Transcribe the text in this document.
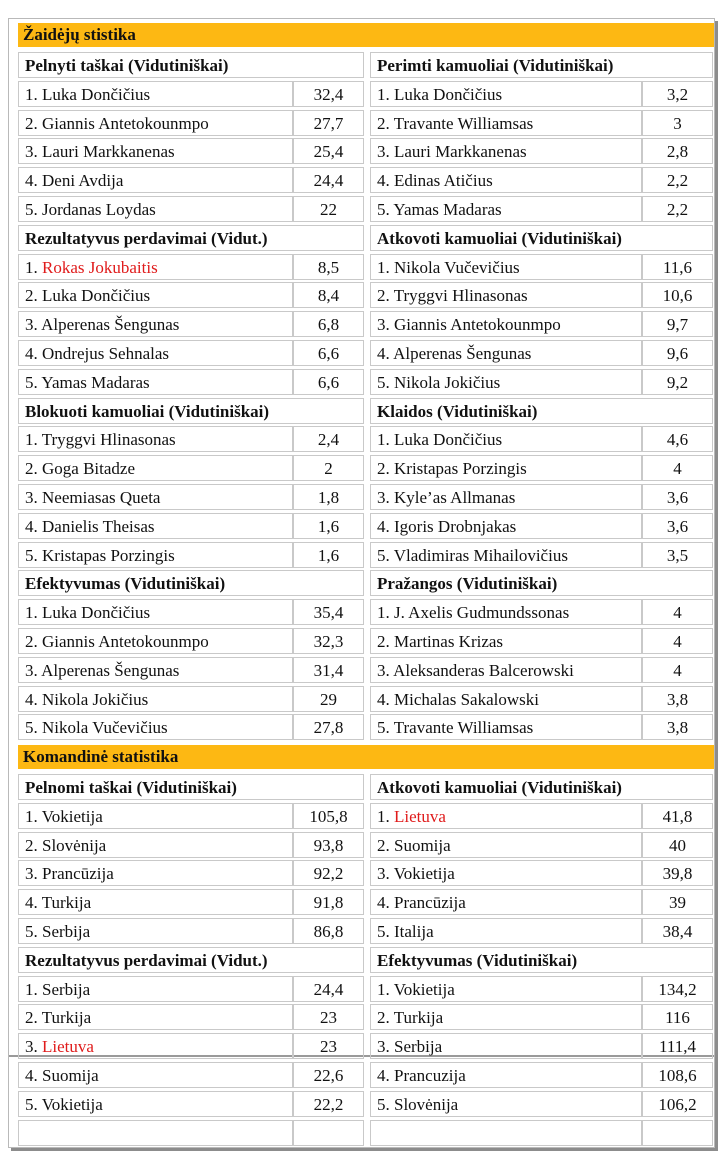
Žaidėjų stistika
Komandinė statistika
Pelnyti taškai (Vidutiniškai)
1. Luka Dončičius	32,4
2. Giannis Antetokounmpo	27,7
3. Lauri Markkanenas	25,4
4. Deni Avdija	24,4
5. Jordanas Loydas	22
Perimti kamuoliai (Vidutiniškai)
1. Luka Dončičius	3,2
2. Travante Williamsas	3
3. Lauri Markkanenas	2,8
4. Edinas Atičius	2,2
5. Yamas Madaras	2,2
Rezultatyvus perdavimai (Vidut.)
1. Rokas Jokubaitis	8,5
2. Luka Dončičius	8,4
3. Alperenas Šengunas	6,8
4. Ondrejus Sehnalas	6,6
5. Yamas Madaras	6,6
Atkovoti kamuoliai (Vidutiniškai)
1. Nikola Vučevičius	11,6
2. Tryggvi Hlinasonas	10,6
3. Giannis Antetokounmpo	9,7
4. Alperenas Šengunas	9,6
5. Nikola Jokičius	9,2
Blokuoti kamuoliai (Vidutiniškai)
1. Tryggvi Hlinasonas	2,4
2. Goga Bitadze	2
3. Neemiasas Queta	1,8
4. Danielis Theisas	1,6
5. Kristapas Porzingis	1,6
Klaidos (Vidutiniškai)
1. Luka Dončičius	4,6
2. Kristapas Porzingis	4
3. Kyle’as Allmanas	3,6
4. Igoris Drobnjakas	3,6
5. Vladimiras Mihailovičius	3,5
Efektyvumas (Vidutiniškai)
1. Luka Dončičius	35,4
2. Giannis Antetokounmpo	32,3
3. Alperenas Šengunas	31,4
4. Nikola Jokičius	29
5. Nikola Vučevičius	27,8
Pražangos (Vidutiniškai)
1. J. Axelis Gudmundssonas	4
2. Martinas Krizas	4
3. Aleksanderas Balcerowski	4
4. Michalas Sakalowski	3,8
5. Travante Williamsas	3,8
Pelnomi taškai (Vidutiniškai)
1. Vokietija	105,8
2. Slovėnija	93,8
3. Prancūzija	92,2
4. Turkija	91,8
5. Serbija	86,8
Atkovoti kamuoliai (Vidutiniškai)
1. Lietuva	41,8
2. Suomija	40
3. Vokietija	39,8
4. Prancūzija	39
5. Italija	38,4
Rezultatyvus perdavimai (Vidut.)
1. Serbija	24,4
2. Turkija	23
3. Lietuva	23
4. Suomija	22,6
5. Vokietija	22,2
Efektyvumas (Vidutiniškai)
1. Vokietija	134,2
2. Turkija	116
3. Serbija	111,4
4. Prancuzija	108,6
5. Slovėnija	106,2
